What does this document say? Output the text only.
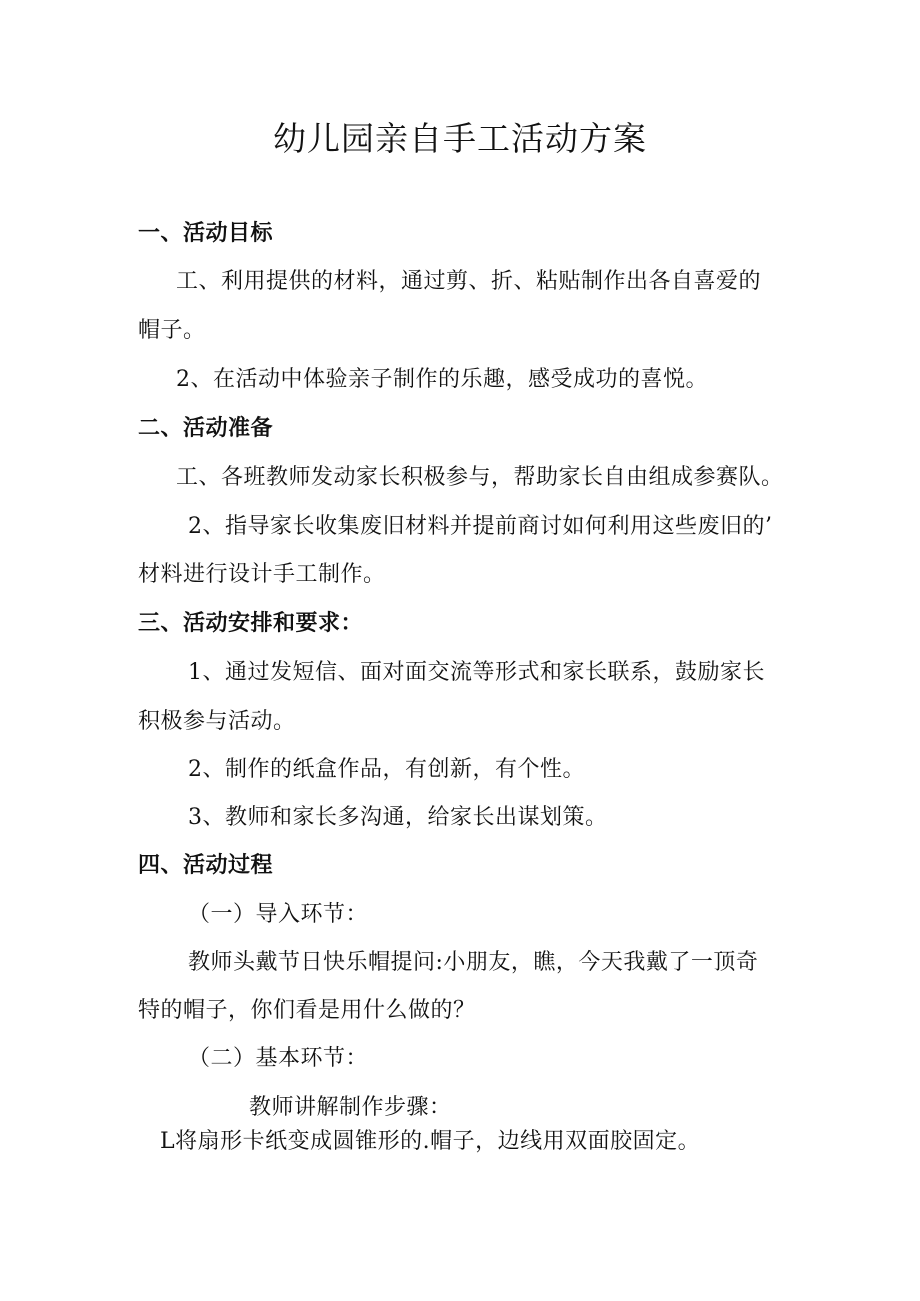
幼儿园亲自手工活动方案
一、活动目标
工、利用提供的材料，通过剪、折、粘贴制作出各自喜爱的
帽子。
2、在活动中体验亲子制作的乐趣，感受成功的喜悦。
二、活动准备
工、各班教师发动家长积极参与，帮助家长自由组成参赛队。
2、指导家长收集废旧材料并提前商讨如何利用这些废旧的’
材料进行设计手工制作。
三、活动安排和要求：
1、通过发短信、面对面交流等形式和家长联系，鼓励家长
积极参与活动。
2、制作的纸盒作品，有创新，有个性。
3、教师和家长多沟通，给家长出谋划策。
四、活动过程
（一）导入环节：
教师头戴节日快乐帽提问:小朋友，瞧，今天我戴了一顶奇
特的帽子，你们看是用什么做的？
（二）基本环节：
教师讲解制作步骤：
L将扇形卡纸变成圆锥形的.帽子，边线用双面胶固定。
